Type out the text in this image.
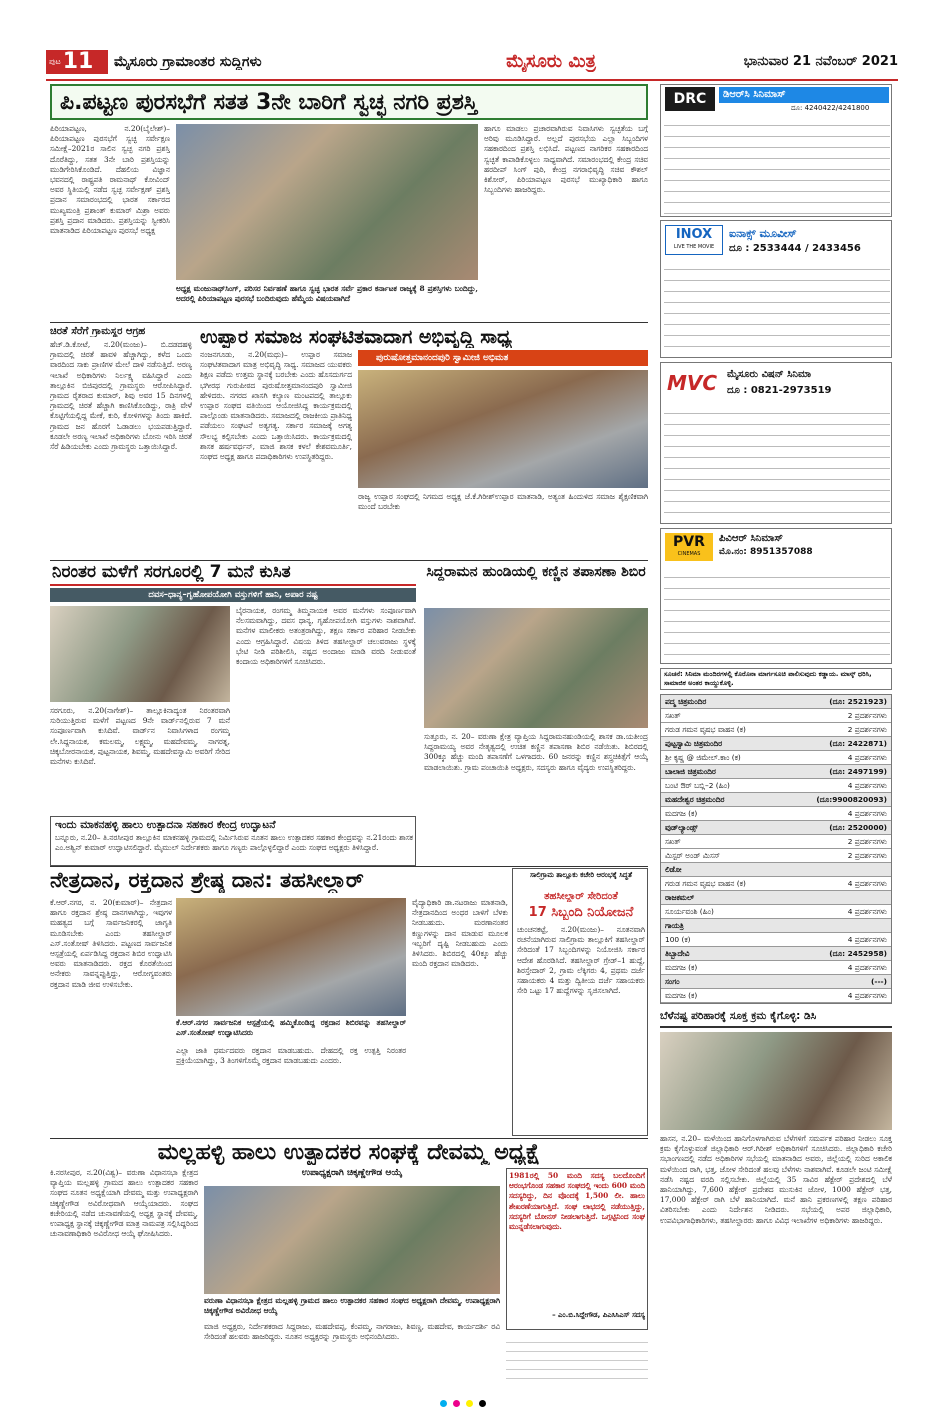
ಪುಟ 11 ಮೈಸೂರು ಗ್ರಾಮಾಂತರ ಸುದ್ದಿಗಳು	ಮೈಸೂರು ಮಿತ್ರ	ಭಾನುವಾರ 21 ನವೆಂಬರ್ 2021
ಪಿ.ಪಟ್ಟಣ ಪುರಸಭೆಗೆ ಸತತ 3ನೇ ಬಾರಿಗೆ ಸ್ವಚ್ಛ ನಗರಿ ಪ್ರಶಸ್ತಿ
ಪಿರಿಯಾಪಟ್ಟಣ, ನ.20(ಬೈಲೇಶ್)– ಪಿರಿಯಾಪಟ್ಟಣ ಪುರಸಭೆಗೆ ಸ್ವಚ್ಛ ಸರ್ವೇಕ್ಷಣ ಸಮೀಕ್ಷೆ–2021ರ ಸಾಲಿನ ಸ್ವಚ್ಛ ನಗರಿ ಪ್ರಶಸ್ತಿ ದೊರೆತಿದ್ದು, ಸತತ 3ನೇ ಬಾರಿ ಪ್ರಶಸ್ತಿಯನ್ನು ಮುಡಿಗೇರಿಸಿಕೊಂಡಿದೆ. ದೆಹಲಿಯ ವಿಜ್ಞಾನ ಭವನದಲ್ಲಿ ರಾಷ್ಟ್ರಪತಿ ರಾಮನಾಥ್ ಕೋವಿಂದ್ ಅವರ ಸ್ಥಿತಿಯಲ್ಲಿ ನಡೆದ ಸ್ವಚ್ಛ ಸರ್ವೇಕ್ಷಣ್ ಪ್ರಶಸ್ತಿ ಪ್ರದಾನ ಸಮಾರಂಭದಲ್ಲಿ ಭಾರತ ಸರ್ಕಾರದ ಮುಖ್ಯಮಂತ್ರಿ ಪ್ರಶಾಂತ್ ಕುಮಾರ್ ಮಿಶ್ರಾ ಅವರು ಪ್ರಶಸ್ತಿ ಪ್ರದಾನ ಮಾಡಿದರು. ಪ್ರಶಸ್ತಿಯನ್ನು ಸ್ವೀಕರಿಸಿ ಮಾತನಾಡಿದ ಪಿರಿಯಾಪಟ್ಟಣ ಪುರಸಭೆ ಅಧ್ಯಕ್ಷ
ಅಧ್ಯಕ್ಷ ಮಂಜುನಾಥ್‌ಸಿಂಗ್, ಪರಿಸರ ನಿರ್ವಹಣೆ ಹಾಗೂ ಸ್ವಚ್ಛ ಭಾರತ ಸರ್ವೆ ಪ್ರಕಾರ ಕರ್ನಾಟಕ ರಾಜ್ಯಕ್ಕೆ 8 ಪ್ರಶಸ್ತಿಗಳು ಬಂದಿದ್ದು, ಅದರಲ್ಲಿ ಪಿರಿಯಾಪಟ್ಟಣ ಪುರಸಭೆ ಬಂದಿರುವುದು ಹೆಮ್ಮೆಯ ವಿಷಯವಾಗಿದೆ
ಹಾಗೂ ಮಾಡಲು ಪ್ರಚಾರವಾಗಿರುವ ನಿವಾಸಿಗಳು ಸ್ವಚ್ಛತೆಯ ಬಗ್ಗೆ ಅರಿವು ಮೂಡಿಸಿದ್ದಾರೆ. ಅಲ್ಲದೆ ಪುರಸಭೆಯ ಎಲ್ಲಾ ಸಿಬ್ಬಂದಿಗಳ ಸಹಕಾರದಿಂದ ಪ್ರಶಸ್ತಿ ಲಭಿಸಿದೆ. ಪಟ್ಟಣದ ನಾಗರಿಕರ ಸಹಕಾರದಿಂದ ಸ್ವಚ್ಛತೆ ಕಾಪಾಡಿಕೊಳ್ಳಲು ಸಾಧ್ಯವಾಗಿದೆ. ಸಮಾರಂಭದಲ್ಲಿ ಕೇಂದ್ರ ಸಚಿವ ಹರದೀಪ್ ಸಿಂಗ್ ಪುರಿ, ಕೇಂದ್ರ ನಗರಾಭಿವೃದ್ಧಿ ಸಚಿವ ಕೌಶಲ್ ಕಿಶೋರ್, ಪಿರಿಯಾಪಟ್ಟಣ ಪುರಸಭೆ ಮುಖ್ಯಾಧಿಕಾರಿ ಹಾಗೂ ಸಿಬ್ಬಂದಿಗಳು ಹಾಜರಿದ್ದರು.
DRC	ಡಿಆರ್‌ಸಿ ಸಿನಿಮಾಸ್
ದೂ: 4240422/4241800
INOX
LIVE THE MOVIE
ಐನಾಕ್ಸ್ ಮೂವೀಸ್
ದೂ : 2533444 / 2433456
MVC ಮೈಸೂರು ವಿಷನ್ ಸಿನಿಮಾ
ದೂ : 0821-2973519
PVR
CINEMAS
ಪಿವಿಆರ್ ಸಿನಿಮಾಸ್
ಮೊ.ನಂ: 8951357088
ಸೂಚನೆ: ಸಿನಿಮಾ ಮಂದಿರಗಳಲ್ಲಿ ಕೊರೊನಾ ಮಾರ್ಗಸೂಚಿ ಪಾಲಿಸುವುದು ಕಡ್ಡಾಯ. ಮಾಸ್ಕ್ ಧರಿಸಿ, ಸಾಮಾಜಿಕ ಅಂತರ ಕಾಯ್ದುಕೊಳ್ಳಿ.
ಪದ್ಮ ಚಿತ್ರಮಂದಿರ	(ದೂ: 2521923)
ಸಖತ್	2 ಪ್ರದರ್ಶನಗಳು
ಗರುಡ ಗಮನ ವೃಷಭ ವಾಹನ (ಕ)	2 ಪ್ರದರ್ಶನಗಳು
ಪುಟ್ಟಸ್ವಾಮಿ ಚಿತ್ರಮಂದಿರ	(ದೂ: 2422871)
ಶ್ರೀ ಕೃಷ್ಣ @ ಜಿಮೇಲ್.ಕಾಂ (ಕ)	4 ಪ್ರದರ್ಶನಗಳು
ಬಾಲಾಜಿ ಚಿತ್ರಮಂದಿರ	(ದೂ: 2497199)
ಬಂಟಿ ಔರ್ ಬಬ್ಲಿ–2 (ಹಿಂ)	4 ಪ್ರದರ್ಶನಗಳು
ಮಹದೇಶ್ವರ ಚಿತ್ರಮಂದಿರ	(ದೂ:9900820093)
ಮದಗಜ (ಕ)	4 ಪ್ರದರ್ಶನಗಳು
ವುಡ್‌ಲ್ಯಾಂಡ್ಸ್	(ದೂ: 2520000)
ಸಖತ್	2 ಪ್ರದರ್ಶನಗಳು
ಮಿಸ್ಟರ್ ಅಂಡ್ ಮಿಸಸ್	2 ಪ್ರದರ್ಶನಗಳು
ಲಿಡೋ
ಗರುಡ ಗಮನ ವೃಷಭ ವಾಹನ (ಕ)	4 ಪ್ರದರ್ಶನಗಳು
ರಾಜಕಮಲ್
ಸೂರ್ಯವಂಶಿ (ಹಿಂ)	4 ಪ್ರದರ್ಶನಗಳು
ಗಾಯತ್ರಿ
100 (ಕ)	4 ಪ್ರದರ್ಶನಗಳು
ತಿಬ್ಬಾದೇವಿ	(ದೂ: 2452958)
ಮದಗಜ (ಕ)	4 ಪ್ರದರ್ಶನಗಳು
ಸಂಗಂ	(---)
ಮದಗಜ (ಕ)	4 ಪ್ರದರ್ಶನಗಳು
ಚಿರತೆ ಸೆರೆಗೆ ಗ್ರಾಮಸ್ಥರ ಆಗ್ರಹ
ಹೆಚ್.ಡಿ.ಕೋಟೆ, ನ.20(ಮಂಜು)– ಬಿ.ದಡದಹಳ್ಳಿ ಗ್ರಾಮದಲ್ಲಿ ಚಿರತೆ ಹಾವಳಿ ಹೆಚ್ಚಾಗಿದ್ದು, ಕಳೆದ ಒಂದು ವಾರದಿಂದ ಸಾಕು ಪ್ರಾಣಿಗಳ ಮೇಲೆ ದಾಳಿ ನಡೆಸುತ್ತಿದೆ. ಅರಣ್ಯ ಇಲಾಖೆ ಅಧಿಕಾರಿಗಳು ನಿರ್ಲಕ್ಷ್ಯ ವಹಿಸಿದ್ದಾರೆ ಎಂದು ತಾಲ್ಲೂಕಿನ ಬಿಜಿಪುರದಲ್ಲಿ ಗ್ರಾಮಸ್ಥರು ಆರೋಪಿಸಿದ್ದಾರೆ. ಗ್ರಾಮದ ರೈತರಾದ ಕುಮಾರ್, ಶಿವು ಅವರ 15 ದಿನಗಳಲ್ಲಿ ಗ್ರಾಮದಲ್ಲಿ ಚಿರತೆ ಹೆಚ್ಚಾಗಿ ಕಾಣಿಸಿಕೊಂಡಿದ್ದು, ರಾತ್ರಿ ವೇಳೆ ಕೊಟ್ಟಿಗೆಯಲ್ಲಿದ್ದ ಮೇಕೆ, ಕುರಿ, ಕೋಳಿಗಳನ್ನು ತಿಂದು ಹಾಕಿದೆ. ಗ್ರಾಮದ ಜನ ಹೊರಗೆ ಓಡಾಡಲು ಭಯಪಡುತ್ತಿದ್ದಾರೆ. ಕೂಡಲೇ ಅರಣ್ಯ ಇಲಾಖೆ ಅಧಿಕಾರಿಗಳು ಬೋನು ಇರಿಸಿ ಚಿರತೆ ಸೆರೆ ಹಿಡಿಯಬೇಕು ಎಂದು ಗ್ರಾಮಸ್ಥರು ಒತ್ತಾಯಿಸಿದ್ದಾರೆ.
ಉಪ್ಪಾರ ಸಮಾಜ ಸಂಘಟಿತವಾದಾಗ ಅಭಿವೃದ್ಧಿ ಸಾಧ್ಯ
ಪುರುಷೋತ್ತಮಾನಂದಪುರಿ ಸ್ವಾಮೀಜಿ ಅಭಿಮತ
ನಂಜನಗೂಡು, ನ.20(ಮಧು)– ಉಪ್ಪಾರ ಸಮಾಜ ಸಂಘಟಿತವಾದಾಗ ಮಾತ್ರ ಅಭಿವೃದ್ಧಿ ಸಾಧ್ಯ. ಸಮಾಜದ ಯುವಕರು ಶಿಕ್ಷಣ ಪಡೆದು ಉತ್ತಮ ಸ್ಥಾನಕ್ಕೆ ಬರಬೇಕು ಎಂದು ಹೊಸದುರ್ಗದ ಭಗೀರಥ ಗುರುಪೀಠದ ಪುರುಷೋತ್ತಮಾನಂದಪುರಿ ಸ್ವಾಮೀಜಿ ಹೇಳಿದರು. ನಗರದ ಖಾಸಗಿ ಕಲ್ಯಾಣ ಮಂಟಪದಲ್ಲಿ ತಾಲ್ಲೂಕು ಉಪ್ಪಾರ ಸಂಘದ ವತಿಯಿಂದ ಆಯೋಜಿಸಿದ್ದ ಕಾರ್ಯಕ್ರಮದಲ್ಲಿ ಪಾಲ್ಗೊಂಡು ಮಾತನಾಡಿದರು. ಸಮಾಜದಲ್ಲಿ ರಾಜಕೀಯ ಪ್ರಾತಿನಿಧ್ಯ ಪಡೆಯಲು ಸಂಘಟನೆ ಅತ್ಯಗತ್ಯ. ಸರ್ಕಾರ ಸಮಾಜಕ್ಕೆ ಅಗತ್ಯ ಸೌಲಭ್ಯ ಕಲ್ಪಿಸಬೇಕು ಎಂದು ಒತ್ತಾಯಿಸಿದರು. ಕಾರ್ಯಕ್ರಮದಲ್ಲಿ ಶಾಸಕ ಹರ್ಷವರ್ಧನ್, ಮಾಜಿ ಶಾಸಕ ಕಳಲೆ ಕೇಶವಮೂರ್ತಿ, ಸಂಘದ ಅಧ್ಯಕ್ಷ ಹಾಗೂ ಪದಾಧಿಕಾರಿಗಳು ಉಪಸ್ಥಿತರಿದ್ದರು.
ರಾಜ್ಯ ಉಪ್ಪಾರ ಸಂಘದಲ್ಲಿ ನಿಗಮದ ಅಧ್ಯಕ್ಷ ಜೆ.ಕೆ.ಗಿರೀಶ್‌ಉಪ್ಪಾರ ಮಾತನಾಡಿ, ಅತ್ಯಂತ ಹಿಂದುಳಿದ ಸಮಾಜ ಶೈಕ್ಷಣಿಕವಾಗಿ ಮುಂದೆ ಬರಬೇಕು
ನಿರಂತರ ಮಳೆಗೆ ಸರಗೂರಲ್ಲಿ 7 ಮನೆ ಕುಸಿತ
ದವಸ–ಧಾನ್ಯ–ಗೃಹೋಪಯೋಗಿ ವಸ್ತುಗಳಿಗೆ ಹಾನಿ, ಅಪಾರ ನಷ್ಟ
ಸರಗೂರು, ನ.20(ನಾಗೇಶ್)– ತಾಲ್ಲೂಕಿನಾದ್ಯಂತ ನಿರಂತರವಾಗಿ ಸುರಿಯುತ್ತಿರುವ ಮಳೆಗೆ ಪಟ್ಟಣದ 9ನೇ ವಾರ್ಡ್‌ನಲ್ಲಿರುವ 7 ಮನೆ ಸಂಪೂರ್ಣವಾಗಿ ಕುಸಿದಿವೆ. ವಾರ್ಡ್‌ನ ನಿವಾಸಿಗಳಾದ ರಂಗಮ್ಮ ಲೇ.ಸಿದ್ದನಾಯಕ, ಕಮಲಮ್ಮ, ಲಕ್ಷ್ಮಮ್ಮ, ಮಹದೇವಮ್ಮ, ನಾಗರತ್ನ, ಚಿಕ್ಕಬೋರನಾಯಕ, ಪುಟ್ಟನಾಯಕ, ಶಿವಮ್ಮ, ಮಹದೇವಸ್ವಾಮಿ ಅವರಿಗೆ ಸೇರಿದ ಮನೆಗಳು ಕುಸಿದಿವೆ.
ಬೈರನಾಯಕ, ರಂಗಮ್ಮ ತಿಮ್ಮನಾಯಕ ಅವರ ಮನೆಗಳು ಸಂಪೂರ್ಣವಾಗಿ ನೆಲಸಮವಾಗಿದ್ದು, ದವಸ ಧಾನ್ಯ, ಗೃಹೋಪಯೋಗಿ ವಸ್ತುಗಳು ನಾಶವಾಗಿವೆ. ಮನೆಗಳ ಮಾಲೀಕರು ಅತಂತ್ರರಾಗಿದ್ದು, ತಕ್ಷಣ ಸರ್ಕಾರ ಪರಿಹಾರ ನೀಡಬೇಕು ಎಂದು ಆಗ್ರಹಿಸಿದ್ದಾರೆ. ವಿಷಯ ತಿಳಿದ ತಹಸೀಲ್ದಾರ್ ಚಲುವರಾಜು ಸ್ಥಳಕ್ಕೆ ಭೇಟಿ ನೀಡಿ ಪರಿಶೀಲಿಸಿ, ನಷ್ಟದ ಅಂದಾಜು ಮಾಡಿ ವರದಿ ನೀಡುವಂತೆ ಕಂದಾಯ ಅಧಿಕಾರಿಗಳಿಗೆ ಸೂಚಿಸಿದರು.
ಸಿದ್ದರಾಮನ ಹುಂಡಿಯಲ್ಲಿ ಕಣ್ಣಿನ ತಪಾಸಣಾ ಶಿಬಿರ
ಸುತ್ತೂರು, ನ. 20– ವರುಣಾ ಕ್ಷೇತ್ರ ವ್ಯಾಪ್ತಿಯ ಸಿದ್ದರಾಮನಹುಂಡಿಯಲ್ಲಿ ಶಾಸಕ ಡಾ.ಯತೀಂದ್ರ ಸಿದ್ದರಾಮಯ್ಯ ಅವರ ನೇತೃತ್ವದಲ್ಲಿ ಉಚಿತ ಕಣ್ಣಿನ ತಪಾಸಣಾ ಶಿಬಿರ ನಡೆಯಿತು. ಶಿಬಿರದಲ್ಲಿ 300ಕ್ಕೂ ಹೆಚ್ಚು ಮಂದಿ ತಪಾಸಣೆಗೆ ಒಳಗಾದರು. 60 ಜನರನ್ನು ಕಣ್ಣಿನ ಶಸ್ತ್ರಚಿಕಿತ್ಸೆಗೆ ಆಯ್ಕೆ ಮಾಡಲಾಯಿತು. ಗ್ರಾಮ ಪಂಚಾಯಿತಿ ಅಧ್ಯಕ್ಷರು, ಸದಸ್ಯರು ಹಾಗೂ ವೈದ್ಯರು ಉಪಸ್ಥಿತರಿದ್ದರು.
ಇಂದು ಮಾಕನಹಳ್ಳಿ ಹಾಲು ಉತ್ಪಾದನಾ ಸಹಕಾರ ಕೇಂದ್ರ ಉದ್ಘಾಟನೆ
ಬನ್ನೂರು, ನ.20– ತಿ.ನರಸೀಪುರ ತಾಲ್ಲೂಕಿನ ಮಾಕನಹಳ್ಳಿ ಗ್ರಾಮದಲ್ಲಿ ನಿರ್ಮಿಸಿರುವ ನೂತನ ಹಾಲು ಉತ್ಪಾದಕರ ಸಹಕಾರ ಕೇಂದ್ರವನ್ನು ನ.21ರಂದು ಶಾಸಕ ಎಂ.ಅಶ್ವಿನ್ ಕುಮಾರ್ ಉದ್ಘಾಟಿಸಲಿದ್ದಾರೆ. ಮೈಮುಲ್ ನಿರ್ದೇಶಕರು ಹಾಗೂ ಗಣ್ಯರು ಪಾಲ್ಗೊಳ್ಳಲಿದ್ದಾರೆ ಎಂದು ಸಂಘದ ಅಧ್ಯಕ್ಷರು ತಿಳಿಸಿದ್ದಾರೆ.
ನೇತ್ರದಾನ, ರಕ್ತದಾನ ಶ್ರೇಷ್ಠ ದಾನ: ತಹಸೀಲ್ದಾರ್
ಕೆ.ಆರ್.ನಗರ, ನ. 20(ಕುಮಾರ್)– ನೇತ್ರದಾನ ಹಾಗೂ ರಕ್ತದಾನ ಶ್ರೇಷ್ಠ ದಾನಗಳಾಗಿದ್ದು, ಇವುಗಳ ಮಹತ್ವದ ಬಗ್ಗೆ ಸಾರ್ವಜನಿಕರಲ್ಲಿ ಜಾಗೃತಿ ಮೂಡಿಸಬೇಕು ಎಂದು ತಹಸೀಲ್ದಾರ್ ಎಸ್.ಸಂತೋಷ್ ತಿಳಿಸಿದರು. ಪಟ್ಟಣದ ಸಾರ್ವಜನಿಕ ಆಸ್ಪತ್ರೆಯಲ್ಲಿ ಏರ್ಪಡಿಸಿದ್ದ ರಕ್ತದಾನ ಶಿಬಿರ ಉದ್ಘಾಟಿಸಿ ಅವರು ಮಾತನಾಡಿದರು. ರಕ್ತದ ಕೊರತೆಯಿಂದ ಅನೇಕರು ಸಾವನ್ನಪ್ಪುತ್ತಿದ್ದು, ಆರೋಗ್ಯವಂತರು ರಕ್ತದಾನ ಮಾಡಿ ಜೀವ ಉಳಿಸಬೇಕು.
ಕೆ.ಆರ್.ನಗರ ಸಾರ್ವಜನಿಕ ಆಸ್ಪತ್ರೆಯಲ್ಲಿ ಹಮ್ಮಿಕೊಂಡಿದ್ದ ರಕ್ತದಾನ ಶಿಬಿರವನ್ನು ತಹಸೀಲ್ದಾರ್ ಎಸ್.ಸಂತೋಷ್ ಉದ್ಘಾಟಿಸಿದರು
ಎಲ್ಲಾ ಜಾತಿ ಧರ್ಮದವರು ರಕ್ತದಾನ ಮಾಡಬಹುದು. ದೇಹದಲ್ಲಿ ರಕ್ತ ಉತ್ಪತ್ತಿ ನಿರಂತರ ಪ್ರಕ್ರಿಯೆಯಾಗಿದ್ದು, 3 ತಿಂಗಳಿಗೊಮ್ಮೆ ರಕ್ತದಾನ ಮಾಡಬಹುದು ಎಂದರು.
ವೈದ್ಯಾಧಿಕಾರಿ ಡಾ.ನಟರಾಜು ಮಾತನಾಡಿ, ನೇತ್ರದಾನದಿಂದ ಅಂಧರ ಬಾಳಿಗೆ ಬೆಳಕು ನೀಡಬಹುದು. ಮರಣಾನಂತರ ಕಣ್ಣುಗಳನ್ನು ದಾನ ಮಾಡುವ ಮೂಲಕ ಇಬ್ಬರಿಗೆ ದೃಷ್ಟಿ ನೀಡಬಹುದು ಎಂದು ತಿಳಿಸಿದರು. ಶಿಬಿರದಲ್ಲಿ 40ಕ್ಕೂ ಹೆಚ್ಚು ಮಂದಿ ರಕ್ತದಾನ ಮಾಡಿದರು.
ಸಾಲಿಗ್ರಾಮ ತಾಲ್ಲೂಕು ಕಚೇರಿ ಆರಂಭಕ್ಕೆ ಸಿದ್ಧತೆ
ತಹಸೀಲ್ದಾರ್ ಸೇರಿದಂತೆ
17 ಸಿಬ್ಬಂದಿ ನಿಯೋಜನೆ
ಚುಂಚನಕಟ್ಟೆ, ನ.20(ಮಂಜು)– ನೂತನವಾಗಿ ರಚನೆಯಾಗಿರುವ ಸಾಲಿಗ್ರಾಮ ತಾಲ್ಲೂಕಿಗೆ ತಹಸೀಲ್ದಾರ್ ಸೇರಿದಂತೆ 17 ಸಿಬ್ಬಂದಿಗಳನ್ನು ನಿಯೋಜಿಸಿ ಸರ್ಕಾರ ಆದೇಶ ಹೊರಡಿಸಿದೆ. ತಹಸೀಲ್ದಾರ್ ಗ್ರೇಡ್–1 ಹುದ್ದೆ, ಶಿರಸ್ತೇದಾರ್ 2, ಗ್ರಾಮ ಲೆಕ್ಕಿಗರು 4, ಪ್ರಥಮ ದರ್ಜೆ ಸಹಾಯಕರು 4 ಮತ್ತು ದ್ವಿತೀಯ ದರ್ಜೆ ಸಹಾಯಕರು ಸೇರಿ ಒಟ್ಟು 17 ಹುದ್ದೆಗಳನ್ನು ಸೃಜಿಸಲಾಗಿದೆ.
ಬೆಳೆನಷ್ಟ ಪರಿಹಾರಕ್ಕೆ ಸೂಕ್ತ ಕ್ರಮ ಕೈಗೊಳ್ಳಿ: ಡಿಸಿ
ಹಾಸನ, ನ.20– ಮಳೆಯಿಂದ ಹಾನಿಗೊಳಗಾಗಿರುವ ಬೆಳೆಗಳಿಗೆ ಸಮರ್ಪಕ ಪರಿಹಾರ ನೀಡಲು ಸೂಕ್ತ ಕ್ರಮ ಕೈಗೊಳ್ಳುವಂತೆ ಜಿಲ್ಲಾಧಿಕಾರಿ ಆರ್.ಗಿರೀಶ್ ಅಧಿಕಾರಿಗಳಿಗೆ ಸೂಚಿಸಿದರು. ಜಿಲ್ಲಾಧಿಕಾರಿ ಕಚೇರಿ ಸಭಾಂಗಣದಲ್ಲಿ ನಡೆದ ಅಧಿಕಾರಿಗಳ ಸಭೆಯಲ್ಲಿ ಮಾತನಾಡಿದ ಅವರು, ಜಿಲ್ಲೆಯಲ್ಲಿ ಸುರಿದ ಅಕಾಲಿಕ ಮಳೆಯಿಂದ ರಾಗಿ, ಭತ್ತ, ಜೋಳ ಸೇರಿದಂತೆ ಹಲವು ಬೆಳೆಗಳು ನಾಶವಾಗಿವೆ. ಕೂಡಲೇ ಜಂಟಿ ಸಮೀಕ್ಷೆ ನಡೆಸಿ ನಷ್ಟದ ವರದಿ ಸಲ್ಲಿಸಬೇಕು. ಜಿಲ್ಲೆಯಲ್ಲಿ 35 ಸಾವಿರ ಹೆಕ್ಟೇರ್ ಪ್ರದೇಶದಲ್ಲಿ ಬೆಳೆ ಹಾನಿಯಾಗಿದ್ದು, 7,600 ಹೆಕ್ಟೇರ್ ಪ್ರದೇಶದ ಮುಸುಕಿನ ಜೋಳ, 1000 ಹೆಕ್ಟೇರ್ ಭತ್ತ, 17,000 ಹೆಕ್ಟೇರ್ ರಾಗಿ ಬೆಳೆ ಹಾನಿಯಾಗಿದೆ. ಮನೆ ಹಾನಿ ಪ್ರಕರಣಗಳಲ್ಲಿ ತಕ್ಷಣ ಪರಿಹಾರ ವಿತರಿಸಬೇಕು ಎಂದು ನಿರ್ದೇಶನ ನೀಡಿದರು. ಸಭೆಯಲ್ಲಿ ಅಪರ ಜಿಲ್ಲಾಧಿಕಾರಿ, ಉಪವಿಭಾಗಾಧಿಕಾರಿಗಳು, ತಹಸೀಲ್ದಾರರು ಹಾಗೂ ವಿವಿಧ ಇಲಾಖೆಗಳ ಅಧಿಕಾರಿಗಳು ಹಾಜರಿದ್ದರು.
ಮಲ್ಲಹಳ್ಳಿ ಹಾಲು ಉತ್ಪಾದಕರ ಸಂಘಕ್ಕೆ ದೇವಮ್ಮ ಅಧ್ಯಕ್ಷೆ
ಕಿ.ನರಸೀಪುರ, ನ.20(ವಿಶ್ವ)– ವರುಣಾ ವಿಧಾನಸಭಾ ಕ್ಷೇತ್ರದ ವ್ಯಾಪ್ತಿಯ ಮಲ್ಲಹಳ್ಳಿ ಗ್ರಾಮದ ಹಾಲು ಉತ್ಪಾದಕರ ಸಹಕಾರ ಸಂಘದ ನೂತನ ಅಧ್ಯಕ್ಷೆಯಾಗಿ ದೇವಮ್ಮ ಮತ್ತು ಉಪಾಧ್ಯಕ್ಷರಾಗಿ ಚಿಕ್ಕಣ್ಣೇಗೌಡ ಅವಿರೋಧವಾಗಿ ಆಯ್ಕೆಯಾದರು. ಸಂಘದ ಕಚೇರಿಯಲ್ಲಿ ನಡೆದ ಚುನಾವಣೆಯಲ್ಲಿ ಅಧ್ಯಕ್ಷ ಸ್ಥಾನಕ್ಕೆ ದೇವಮ್ಮ, ಉಪಾಧ್ಯಕ್ಷ ಸ್ಥಾನಕ್ಕೆ ಚಿಕ್ಕಣ್ಣೇಗೌಡ ಮಾತ್ರ ನಾಮಪತ್ರ ಸಲ್ಲಿಸಿದ್ದರಿಂದ ಚುನಾವಣಾಧಿಕಾರಿ ಅವಿರೋಧ ಆಯ್ಕೆ ಘೋಷಿಸಿದರು.
ಉಪಾಧ್ಯಕ್ಷರಾಗಿ ಚಿಕ್ಕಣ್ಣೇಗೌಡ ಆಯ್ಕೆ
ವರುಣಾ ವಿಧಾನಸಭಾ ಕ್ಷೇತ್ರದ ಮಲ್ಲಹಳ್ಳಿ ಗ್ರಾಮದ ಹಾಲು ಉತ್ಪಾದಕರ ಸಹಕಾರ ಸಂಘದ ಅಧ್ಯಕ್ಷರಾಗಿ ದೇವಮ್ಮ, ಉಪಾಧ್ಯಕ್ಷರಾಗಿ ಚಿಕ್ಕಣ್ಣೇಗೌಡ ಅವಿರೋಧ ಆಯ್ಕೆ
ಮಾಜಿ ಅಧ್ಯಕ್ಷರು, ನಿರ್ದೇಶಕರಾದ ಸಿದ್ದರಾಜು, ಮಹದೇವಪ್ಪ, ಕೆಂಪಮ್ಮ, ನಾಗರಾಜು, ಶಿವಣ್ಣ, ಮಹದೇವ, ಕಾರ್ಯದರ್ಶಿ ರವಿ ಸೇರಿದಂತೆ ಹಲವರು ಹಾಜರಿದ್ದರು. ನೂತನ ಅಧ್ಯಕ್ಷರನ್ನು ಗ್ರಾಮಸ್ಥರು ಅಭಿನಂದಿಸಿದರು.
1981ರಲ್ಲಿ 50 ಮಂದಿ ಸದಸ್ಯ ಬಲದೊಂದಿಗೆ ಆರಂಭಗೊಂಡ ಸಹಕಾರ ಸಂಘದಲ್ಲಿ ಇಂದು 600 ಮಂದಿ ಸದಸ್ಯರಿದ್ದು, ದಿನ ವೊಂದಕ್ಕೆ 1,500 ಲೀ. ಹಾಲು ಶೇಖರಣೆಯಾಗುತ್ತಿದೆ. ಸಂಘ ಲಾಭದಲ್ಲಿ ನಡೆಯುತ್ತಿದ್ದು, ಸದಸ್ಯರಿಗೆ ಬೋನಸ್ ನೀಡಲಾಗುತ್ತಿದೆ. ಒಗ್ಗಟ್ಟಿನಿಂದ ಸಂಘ ಮುನ್ನಡೆಸಲಾಗುವುದು.
– ಎಂ.ಬಿ.ಸಿದ್ದೇಗೌಡ, ಪಿಎಸಿಸಿಎಸ್ ಸದಸ್ಯ
